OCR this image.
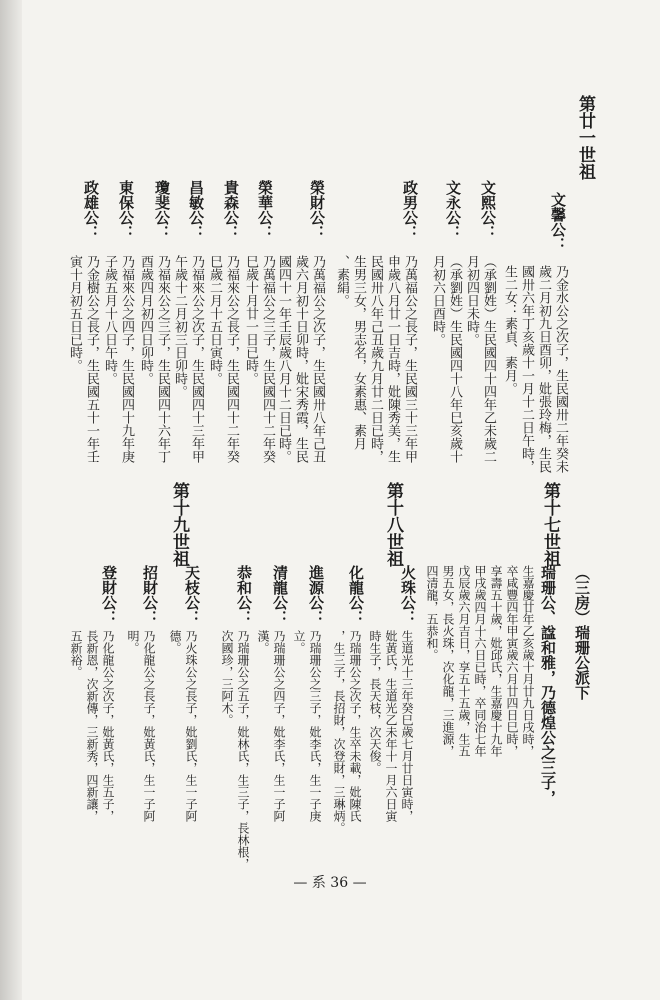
第廿一世祖
文馨公：
乃金水公之次子，生民國卅二年癸未
歲二月初九日酉卯，妣張玲梅，生民
國卅六年丁亥歲十一月十二日午時，
生二女：素貞、素月。
文熙公：
（承劉姓）生民國四十四年乙未歲二
月初四日未時。
文永公：
（承劉姓）生民國四十八年巳亥歲十
月初六日酉時。
政男公：
乃萬福公之長子，生民國三十三年甲
申歲八月廿一日吉時，妣陳秀美，生
民國卅八年己丑歲九月廿二日已時，
生男三女，男志名，女素惠、素月
、素絹。
榮財公：
乃萬福公之次子，生民國卅八年己丑
歲六月初十日卯時，妣宋秀霞，生民
國四十一年壬辰歲八月十二日已時。
榮華公：
乃萬福公之三子，生民國四十二年癸
巳歲十月廿一日已時。
貴森公：
乃福來公之長子，生民國四十二年癸
巳歲二月十五日寅時。
昌敏公：
乃福來公之次子，生民國四十三年甲
午歲十二月初三日卯時。
瓊斐公：
乃福來公之三子，生民國四十六年丁
酉歲四月初四日卯時。
東保公：
乃福來公之四子，生民國四十九年庚
子歲五月十八日午時。
政雄公：
乃金樹公之長子，生民國五十一年壬
寅十月初五日已時。
第十七世祖
第十八世祖
第十九世祖
（三房）瑞珊公派下
瑞珊公、諡和雅，乃德煌公之三子，
生嘉慶廿年乙亥歲十月廿九日戌時，
卒咸豐四年甲寅歲六月廿四日巳時，
享壽五十歲，妣邱氏，生嘉慶十九年
甲戌歲四月十六日已時，卒同治七年
戊辰歲六月吉日，享五十五歲，生五
男五女，長火珠，次化龍，三進源，
四清龍，五恭和。
火珠公：
生道光十三年癸巳歲七月廿日寅時，
妣黃氏，生道光乙未年十一月六日寅
時生子，長天枝，次天俊。
化龍公：
乃瑞珊公之次子，生卒未載，妣陳氏
，生三子，長招財，次登財，三琳炳。
進源公：
乃瑞珊公之三子，妣李氏，生一子庚
立。
清龍公：
乃瑞珊公之四子，妣李氏，生一子阿
漢。
恭和公：
乃瑞珊公之五子，妣林氏，生三子，長林根，
次國珍，三阿木。
天枝公：
乃火珠公之長子，妣劉氏，生一子阿
德。
招財公：
乃化龍公之長子，妣黃氏，生一子阿
明。
登財公：
乃化龍公之次子，妣黃氏，生五子，
長新恩，次新傳，三新秀，四新讓，
五新裕。
— 系 36 —
